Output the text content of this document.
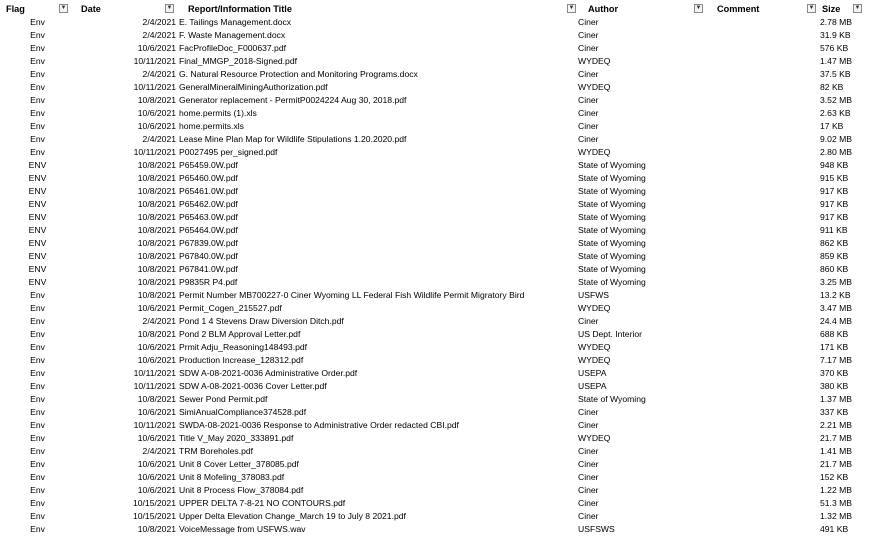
Flag	▼ Date	▼ Report/Information Title	▼ Author	▼ Comment	▼ Size ▼
Env	2/4/2021 E. Tailings Management.docx	Ciner	2.78 MB
Env	2/4/2021 F. Waste Management.docx	Ciner	31.9 KB
Env	10/6/2021 FacProfileDoc_F000637.pdf	Ciner	576 KB
Env	10/11/2021 Final_MMGP_2018-Signed.pdf	WYDEQ	1.47 MB
Env	2/4/2021 G. Natural Resource Protection and Monitoring Programs.docx	Ciner	37.5 KB
Env	10/11/2021 GeneralMineralMiningAuthorization.pdf	WYDEQ	82 KB
Env	10/8/2021 Generator replacement - PermitP0024224 Aug 30, 2018.pdf	Ciner	3.52 MB
Env	10/6/2021 home.permits (1).xls	Ciner	2.63 KB
Env	10/6/2021 home.permits.xls	Ciner	17 KB
Env	2/4/2021 Lease Mine Plan Map for Wildlife Stipulations 1.20.2020.pdf	Ciner	9.02 MB
Env	10/11/2021 P0027495 per_signed.pdf	WYDEQ	2.80 MB
ENV	10/8/2021 P65459.0W.pdf	State of Wyoming	948 KB
ENV	10/8/2021 P65460.0W.pdf	State of Wyoming	915 KB
ENV	10/8/2021 P65461.0W.pdf	State of Wyoming	917 KB
ENV	10/8/2021 P65462.0W.pdf	State of Wyoming	917 KB
ENV	10/8/2021 P65463.0W.pdf	State of Wyoming	917 KB
ENV	10/8/2021 P65464.0W.pdf	State of Wyoming	911 KB
ENV	10/8/2021 P67839.0W.pdf	State of Wyoming	862 KB
ENV	10/8/2021 P67840.0W.pdf	State of Wyoming	859 KB
ENV	10/8/2021 P67841.0W.pdf	State of Wyoming	860 KB
ENV	10/8/2021 P9835R P4.pdf	State of Wyoming	3.25 MB
Env	10/8/2021 Permit Number MB700227-0 Ciner Wyoming LL Federal Fish Wildlife Permit Migratory Bird	USFWS	13.2 KB
Env	10/6/2021 Permit_Cogen_215527.pdf	WYDEQ	3.47 MB
Env	2/4/2021 Pond 1 4 Stevens Draw Diversion Ditch.pdf	Ciner	24.4 MB
Env	10/8/2021 Pond 2 BLM Approval Letter.pdf	US Dept. Interior	688 KB
Env	10/6/2021 Prmit Adju_Reasoning148493.pdf	WYDEQ	171 KB
Env	10/6/2021 Production Increase_128312.pdf	WYDEQ	7.17 MB
Env	10/11/2021 SDW A-08-2021-0036 Administrative Order.pdf	USEPA	370 KB
Env	10/11/2021 SDW A-08-2021-0036 Cover Letter.pdf	USEPA	380 KB
Env	10/8/2021 Sewer Pond Permit.pdf	State of Wyoming	1.37 MB
Env	10/6/2021 SimiAnualCompliance374528.pdf	Ciner	337 KB
Env	10/11/2021 SWDA-08-2021-0036 Response to Administrative Order redacted CBI.pdf	Ciner	2.21 MB
Env	10/6/2021 Title V_May 2020_333891.pdf	WYDEQ	21.7 MB
Env	2/4/2021 TRM Boreholes.pdf	Ciner	1.41 MB
Env	10/6/2021 Unit 8 Cover Letter_378085.pdf	Ciner	21.7 MB
Env	10/6/2021 Unit 8 Mofeling_378083.pdf	Ciner	152 KB
Env	10/6/2021 Unit 8 Process Flow_378084.pdf	Ciner	1.22 MB
Env	10/15/2021 UPPER DELTA 7-8-21 NO CONTOURS.pdf	Ciner	51.3 MB
Env	10/15/2021 Upper Delta Elevation Change_March 19 to July 8 2021.pdf	Ciner	1.32 MB
Env	10/8/2021 VoiceMessage from USFWS.wav	USFSWS	491 KB
